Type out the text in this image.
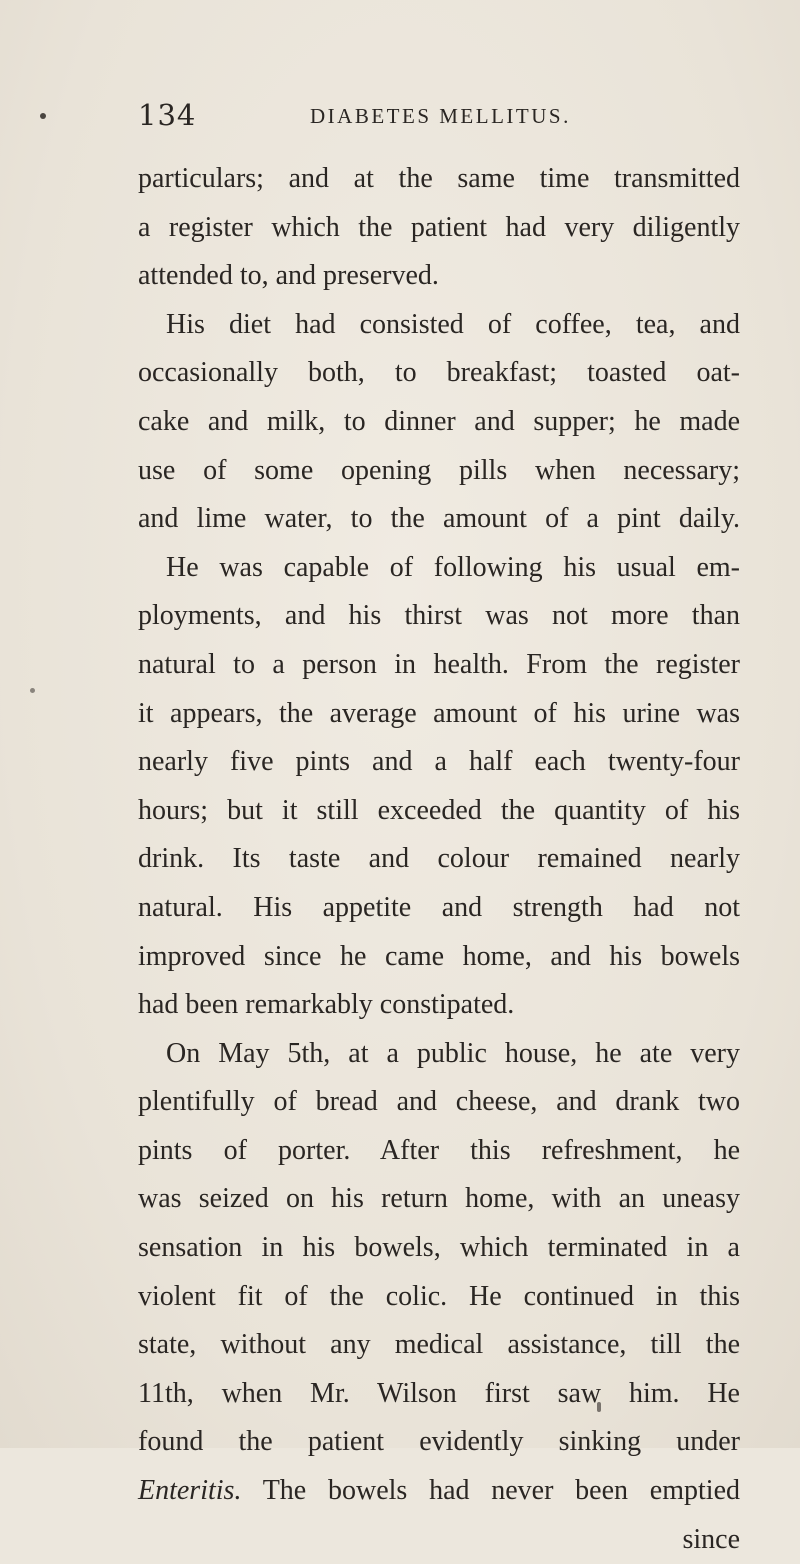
134	DIABETES MELLITUS.
particulars; and at the same time transmitted
a register which the patient had very diligently
attended to, and preserved.
His diet had consisted of coffee, tea, and
occasionally both, to breakfast; toasted oat-
cake and milk, to dinner and supper; he made
use of some opening pills when necessary;
and lime water, to the amount of a pint daily.
He was capable of following his usual em-
ployments, and his thirst was not more than
natural to a person in health. From the register
it appears, the average amount of his urine was
nearly five pints and a half each twenty-four
hours; but it still exceeded the quantity of his
drink. Its taste and colour remained nearly
natural. His appetite and strength had not
improved since he came home, and his bowels
had been remarkably constipated.
On May 5th, at a public house, he ate very
plentifully of bread and cheese, and drank two
pints of porter. After this refreshment, he
was seized on his return home, with an uneasy
sensation in his bowels, which terminated in a
violent fit of the colic. He continued in this
state, without any medical assistance, till the
11th, when Mr. Wilson first saw him. He
found the patient evidently sinking under
Enteritis. The bowels had never been emptied
since
